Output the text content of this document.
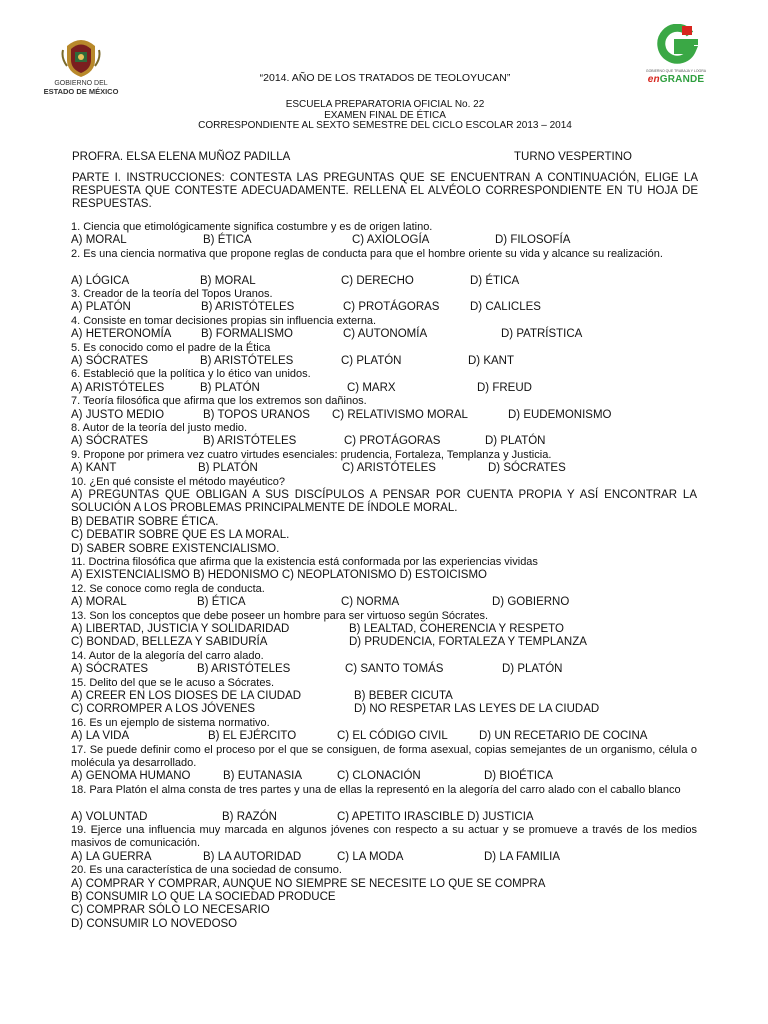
GOBIERNO DEL
ESTADO DE MÉXICO
GOBIERNO QUE TRABAJA Y LOGRA
enGRANDE
“2014. AÑO DE LOS TRATADOS DE TEOLOYUCAN”
ESCUELA PREPARATORIA OFICIAL No. 22
EXAMEN FINAL DE ÉTICA
CORRESPONDIENTE AL SEXTO SEMESTRE DEL CICLO ESCOLAR 2013 – 2014
PROFRA. ELSA ELENA MUÑOZ PADILLA	TURNO VESPERTINO
PARTE I. INSTRUCCIONES: CONTESTA LAS PREGUNTAS QUE SE ENCUENTRAN A CONTINUACIÓN, ELIGE LA RESPUESTA QUE CONTESTE ADECUADAMENTE. RELLENA EL ALVÉOLO CORRESPONDIENTE EN TU HOJA DE RESPUESTAS.
1. Ciencia que etimológicamente significa costumbre y es de origen latino.
A) MORAL	B) ÉTICA	C) AXIOLOGÍA	D) FILOSOFÍA
2. Es una ciencia normativa que propone reglas de conducta para que el hombre oriente su vida y alcance su realización.
A) LÓGICA	B) MORAL	C) DERECHO	D) ÉTICA
3. Creador de la teoría del Topos Uranos.
A) PLATÓN	B) ARISTÓTELES	C) PROTÁGORAS	D) CALICLES
4. Consiste en tomar decisiones propias sin influencia externa.
A) HETERONOMÍA	B) FORMALISMO	C) AUTONOMÍA	D) PATRÍSTICA
5. Es conocido como el padre de la Ética
A) SÓCRATES	B) ARISTÓTELES	C) PLATÓN	D) KANT
6. Estableció que la política y lo ético van unidos.
A) ARISTÓTELES	B) PLATÓN	C) MARX	D) FREUD
7. Teoría filosófica que afirma que los extremos son dañinos.
A) JUSTO MEDIO	B) TOPOS URANOS C) RELATIVISMO MORAL	D) EUDEMONISMO
8. Autor de la teoría del justo medio.
A) SÓCRATES	B) ARISTÓTELES	C) PROTÁGORAS	D) PLATÓN
9. Propone por primera vez cuatro virtudes esenciales: prudencia, Fortaleza, Templanza y Justicia.
A) KANT	B) PLATÓN	C) ARISTÓTELES	D) SÓCRATES
10. ¿En qué consiste el método mayéutico?
A) PREGUNTAS QUE OBLIGAN A SUS DISCÍPULOS A PENSAR POR CUENTA PROPIA Y ASÍ ENCONTRAR LA SOLUCIÓN A LOS PROBLEMAS PRINCIPALMENTE DE ÍNDOLE MORAL.
B) DEBATIR SOBRE ÉTICA.
C) DEBATIR SOBRE QUE ES LA MORAL.
D) SABER SOBRE EXISTENCIALISMO.
11. Doctrina filosófica que afirma que la existencia está conformada por las experiencias vividas
A) EXISTENCIALISMO B) HEDONISMO C) NEOPLATONISMO D) ESTOICISMO
12. Se conoce como regla de conducta.
A) MORAL	B) ÉTICA	C) NORMA	D) GOBIERNO
13. Son los conceptos que debe poseer un hombre para ser virtuoso según Sócrates.
A) LIBERTAD, JUSTICIA Y SOLIDARIDAD	B) LEALTAD, COHERENCIA Y RESPETO
C) BONDAD, BELLEZA Y SABIDURÍA	D) PRUDENCIA, FORTALEZA Y TEMPLANZA
14. Autor de la alegoría del carro alado.
A) SÓCRATES	B) ARISTÓTELES	C) SANTO TOMÁS	D) PLATÓN
15. Delito del que se le acuso a Sócrates.
A) CREER EN LOS DIOSES DE LA CIUDAD	B) BEBER CICUTA
C) CORROMPER A LOS JÓVENES	D) NO RESPETAR LAS LEYES DE LA CIUDAD
16. Es un ejemplo de sistema normativo.
A) LA VIDA	B) EL EJÉRCITO	C) EL CÓDIGO CIVIL	D) UN RECETARIO DE COCINA
17. Se puede definir como el proceso por el que se consiguen, de forma asexual, copias semejantes de un organismo, célula o molécula ya desarrollado.
A) GENOMA HUMANO	B) EUTANASIA	C) CLONACIÓN	D) BIOÉTICA
18. Para Platón el alma consta de tres partes y una de ellas la representó en la alegoría del carro alado con el caballo blanco
A) VOLUNTAD	B) RAZÓN	C) APETITO IRASCIBLE D) JUSTICIA
19. Ejerce una influencia muy marcada en algunos jóvenes con respecto a su actuar y se promueve a través de los medios masivos de comunicación.
A) LA GUERRA	B) LA AUTORIDAD	C) LA MODA	D) LA FAMILIA
20. Es una característica de una sociedad de consumo.
A) COMPRAR Y COMPRAR, AUNQUE NO SIEMPRE SE NECESITE LO QUE SE COMPRA
B) CONSUMIR LO QUE LA SOCIEDAD PRODUCE
C) COMPRAR SÓLO LO NECESARIO
D) CONSUMIR LO NOVEDOSO
